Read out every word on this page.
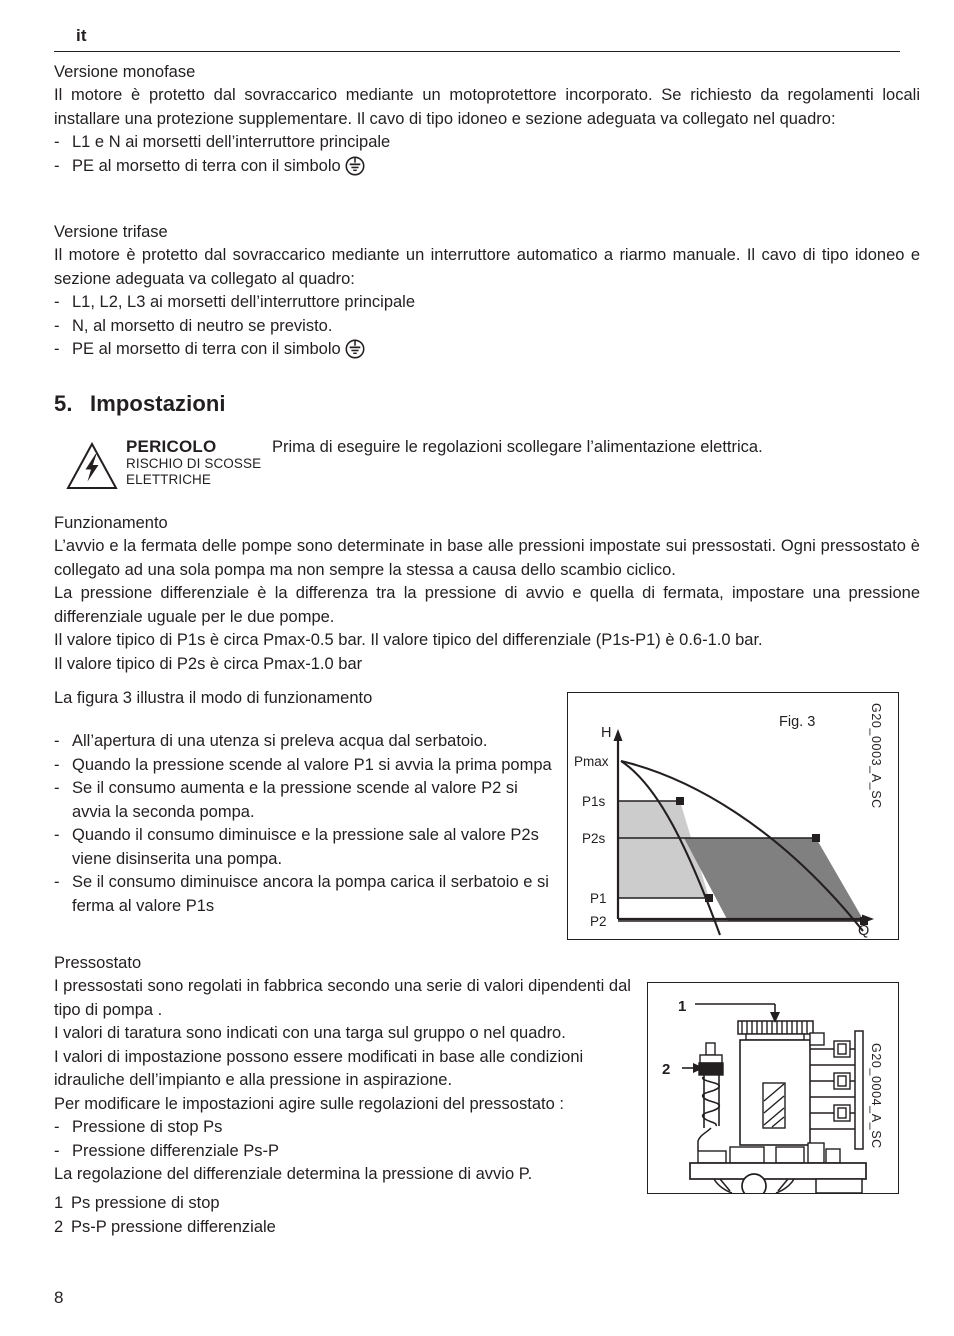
it
Versione monofase

Il motore è protetto dal sovraccarico mediante un motoprotettore incorporato. Se richiesto da regolamenti locali installare una protezione supplementare. Il cavo di tipo idoneo e sezione adeguata va collegato nel quadro:

- L1 e N ai morsetti dell’interruttore principale
- PE al morsetto di terra con il simbolo
Versione trifase

Il motore è protetto dal sovraccarico mediante un interruttore automatico a riarmo manuale. Il cavo di tipo idoneo e sezione adeguata va collegato al quadro:

- L1, L2, L3 ai morsetti dell’interruttore principale
- N, al morsetto di neutro se previsto.
- PE al morsetto di terra con il simbolo
5. Impostazioni
PERICOLO
RISCHIO DI SCOSSE
ELETTRICHE
Prima di eseguire le regolazioni scollegare l’alimentazione elettrica.
Funzionamento

L’avvio e la fermata delle pompe sono determinate in base alle pressioni impostate sui pressostati. Ogni pressostato è collegato ad una sola pompa ma non sempre la stessa a causa dello scambio ciclico.

La pressione differenziale è la differenza tra la pressione di avvio e quella di fermata, impostare una pressione differenziale uguale per le due pompe.

Il valore tipico di P1s è circa Pmax-0.5 bar. Il valore tipico del differenziale (P1s-P1) è 0.6-1.0 bar.

Il valore tipico di P2s è circa Pmax-1.0 bar

La figura 3 illustra il modo di funzionamento

- All’apertura di una utenza si preleva acqua dal serbatoio.
- Quando la pressione scende al valore P1 si avvia la prima pompa
- Se il consumo aumenta e la pressione scende al valore P2 si avvia la seconda pompa.
- Quando il consumo diminuisce e la pressione sale al valore P2s viene disinserita una pompa.
- Se il consumo diminuisce ancora la pompa carica il serbatoio e si ferma al valore P1s
H
Q
Pmax
P1s
P2s
P1
P2
Fig. 3	G20_0003_A_SC
Pressostato

I pressostati sono regolati in fabbrica secondo una serie di valori dipendenti dal tipo di pompa .

I valori di taratura sono indicati con una targa sul gruppo o nel quadro.

I valori di impostazione possono essere modificati in base alle condizioni idrauliche dell’impianto e alla pressione in aspirazione.

Per modificare le impostazioni agire sulle regolazioni del pressostato :

- Pressione di stop Ps
- Pressione differenziale Ps-P

La regolazione del differenziale determina la pressione di avvio P.

1 Ps pressione di stop
2 Ps-P pressione differenziale
1
2	G20_0004_A_SC
8
